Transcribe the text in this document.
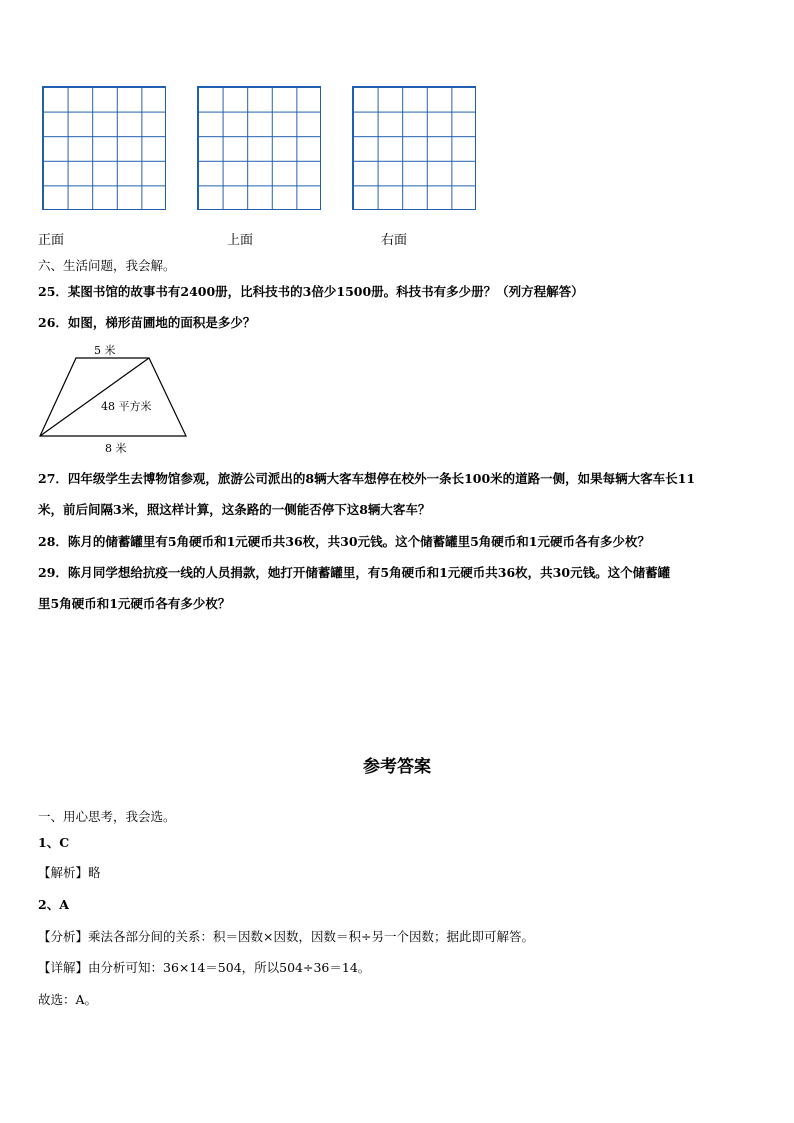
正面	上面	右面
六、生活问题，我会解。
25．某图书馆的故事书有2400册，比科技书的3倍少1500册。科技书有多少册？（列方程解答）
26．如图，梯形苗圃地的面积是多少？
5 米
48 平方米
8 米
27．四年级学生去博物馆参观，旅游公司派出的8辆大客车想停在校外一条长100米的道路一侧，如果每辆大客车长11
米，前后间隔3米，照这样计算，这条路的一侧能否停下这8辆大客车？
28．陈月的储蓄罐里有5角硬币和1元硬币共36枚，共30元钱。这个储蓄罐里5角硬币和1元硬币各有多少枚？
29．陈月同学想给抗疫一线的人员捐款，她打开储蓄罐里，有5角硬币和1元硬币共36枚，共30元钱。这个储蓄罐
里5角硬币和1元硬币各有多少枚？
参考答案
一、用心思考，我会选。
1、C
【解析】略
2、A
【分析】乘法各部分间的关系：积＝因数×因数，因数＝积÷另一个因数；据此即可解答。
【详解】由分析可知：36×14＝504，所以504÷36＝14。
故选：A。
